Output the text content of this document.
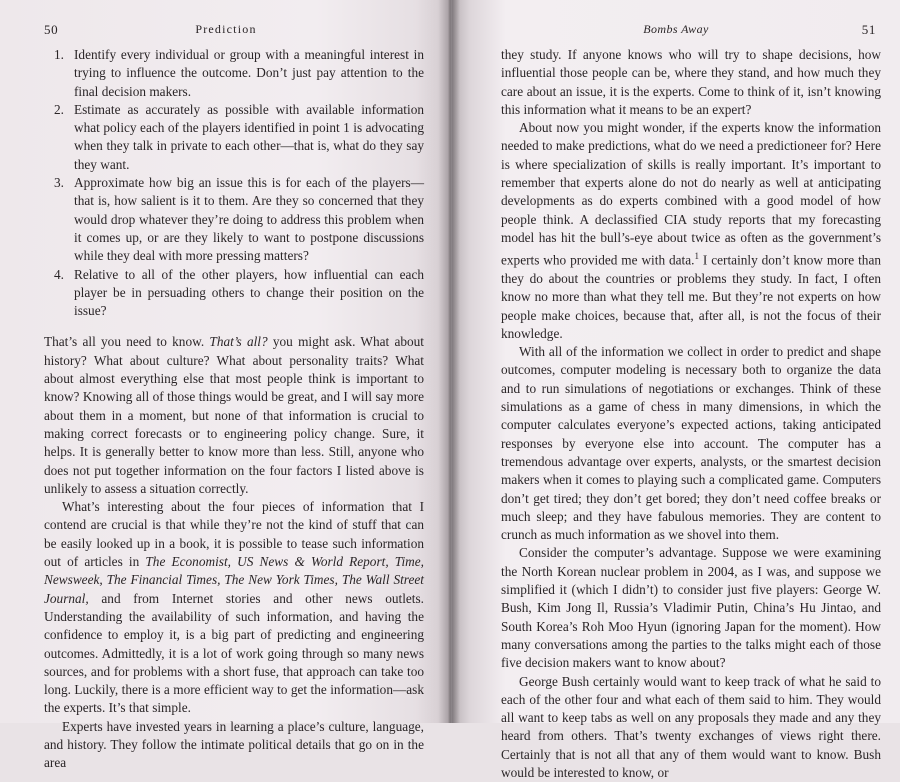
50	Prediction
1. Identify every individual or group with a meaningful interest in trying to influence the outcome. Don’t just pay attention to the final decision makers.
2. Estimate as accurately as possible with available information what policy each of the players identified in point 1 is advocating when they talk in private to each other—that is, what do they say they want.
3. Approximate how big an issue this is for each of the players—that is, how salient is it to them. Are they so concerned that they would drop whatever they’re doing to address this problem when it comes up, or are they likely to want to postpone discussions while they deal with more pressing matters?
4. Relative to all of the other players, how influential can each player be in persuading others to change their position on the issue?

That’s all you need to know. That’s all? you might ask. What about history? What about culture? What about personality traits? What about almost everything else that most people think is important to know? Knowing all of those things would be great, and I will say more about them in a moment, but none of that information is crucial to making correct forecasts or to engineering policy change. Sure, it helps. It is generally better to know more than less. Still, anyone who does not put together information on the four factors I listed above is unlikely to assess a situation correctly.

What’s interesting about the four pieces of information that I contend are crucial is that while they’re not the kind of stuff that can be easily looked up in a book, it is possible to tease such information out of articles in The Economist, US News & World Report, Time, Newsweek, The Financial Times, The New York Times, The Wall Street Journal, and from Internet stories and other news outlets. Understanding the availability of such information, and having the confidence to employ it, is a big part of predicting and engineering outcomes. Admittedly, it is a lot of work going through so many news sources, and for problems with a short fuse, that approach can take too long. Luckily, there is a more efficient way to get the information—ask the experts. It’s that simple.

Experts have invested years in learning a place’s culture, language, and history. They follow the intimate political details that go on in the area

Bombs Away	51

they study. If anyone knows who will try to shape decisions, how influential those people can be, where they stand, and how much they care about an issue, it is the experts. Come to think of it, isn’t knowing this information what it means to be an expert?

About now you might wonder, if the experts know the information needed to make predictions, what do we need a predictioneer for? Here is where specialization of skills is really important. It’s important to remember that experts alone do not do nearly as well at anticipating developments as do experts combined with a good model of how people think. A declassified CIA study reports that my forecasting model has hit the bull’s-eye about twice as often as the government’s experts who provided me with data.$^1$ I certainly don’t know more than they do about the countries or problems they study. In fact, I often know no more than what they tell me. But they’re not experts on how people make choices, because that, after all, is not the focus of their knowledge.

With all of the information we collect in order to predict and shape outcomes, computer modeling is necessary both to organize the data and to run simulations of negotiations or exchanges. Think of these simulations as a game of chess in many dimensions, in which the computer calculates everyone’s expected actions, taking anticipated responses by everyone else into account. The computer has a tremendous advantage over experts, analysts, or the smartest decision makers when it comes to playing such a complicated game. Computers don’t get tired; they don’t get bored; they don’t need coffee breaks or much sleep; and they have fabulous memories. They are content to crunch as much information as we shovel into them.

Consider the computer’s advantage. Suppose we were examining the North Korean nuclear problem in 2004, as I was, and suppose we simplified it (which I didn’t) to consider just five players: George W. Bush, Kim Jong Il, Russia’s Vladimir Putin, China’s Hu Jintao, and South Korea’s Roh Moo Hyun (ignoring Japan for the moment). How many conversations among the parties to the talks might each of those five decision makers want to know about?

George Bush certainly would want to keep track of what he said to each of the other four and what each of them said to him. They would all want to keep tabs as well on any proposals they made and any they heard from others. That’s twenty exchanges of views right there. Certainly that is not all that any of them would want to know. Bush would be interested to know, or
